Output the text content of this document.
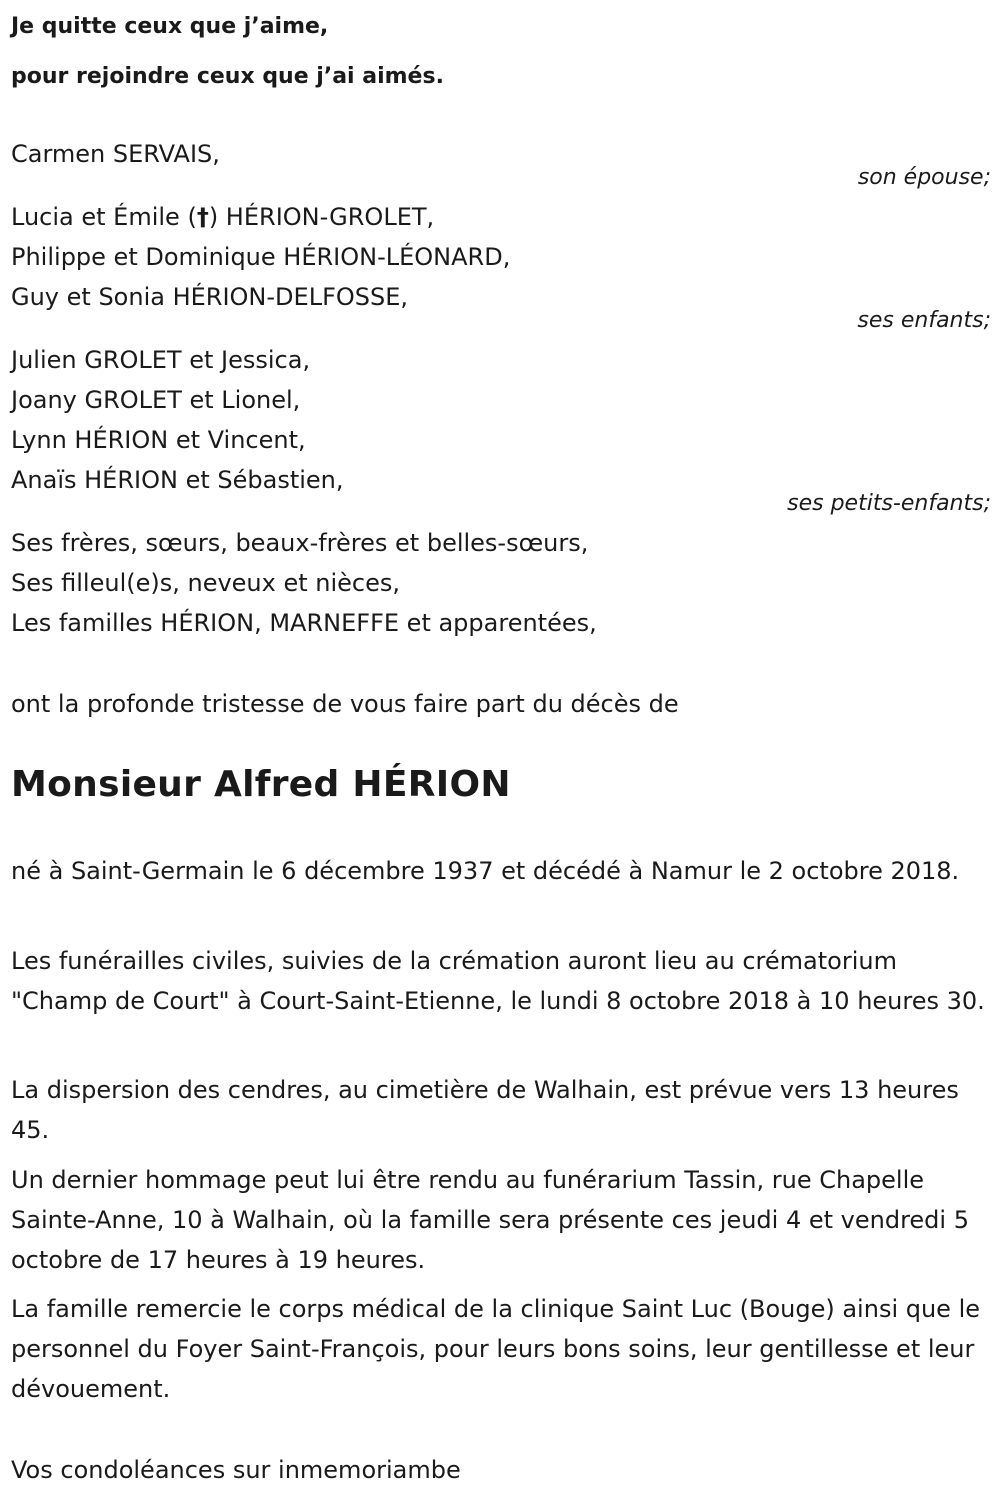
Je quitte ceux que j’aime,

pour rejoindre ceux que j’ai aimés.

Carmen SERVAIS,
son épouse;
Lucia et Émile (†) HÉRION-GROLET,
Philippe et Dominique HÉRION-LÉONARD,
Guy et Sonia HÉRION-DELFOSSE,
ses enfants;
Julien GROLET et Jessica,
Joany GROLET et Lionel,
Lynn HÉRION et Vincent,
Anaïs HÉRION et Sébastien,
ses petits-enfants;
Ses frères, sœurs, beaux-frères et belles-sœurs,
Ses filleul(e)s, neveux et nièces,
Les familles HÉRION, MARNEFFE et apparentées,

ont la profonde tristesse de vous faire part du décès de

Monsieur Alfred HÉRION

né à Saint-Germain le 6 décembre 1937 et décédé à Namur le 2 octobre 2018.

Les funérailles civiles, suivies de la crémation auront lieu au crématorium "Champ de Court" à Court-Saint-Etienne, le lundi 8 octobre 2018 à 10 heures 30.

La dispersion des cendres, au cimetière de Walhain, est prévue vers 13 heures 45.

Un dernier hommage peut lui être rendu au funérarium Tassin, rue Chapelle Sainte-Anne, 10 à Walhain, où la famille sera présente ces jeudi 4 et vendredi 5 octobre de 17 heures à 19 heures.

La famille remercie le corps médical de la clinique Saint Luc (Bouge) ainsi que le personnel du Foyer Saint-François, pour leurs bons soins, leur gentillesse et leur dévouement.

Vos condoléances sur inmemoriambe
